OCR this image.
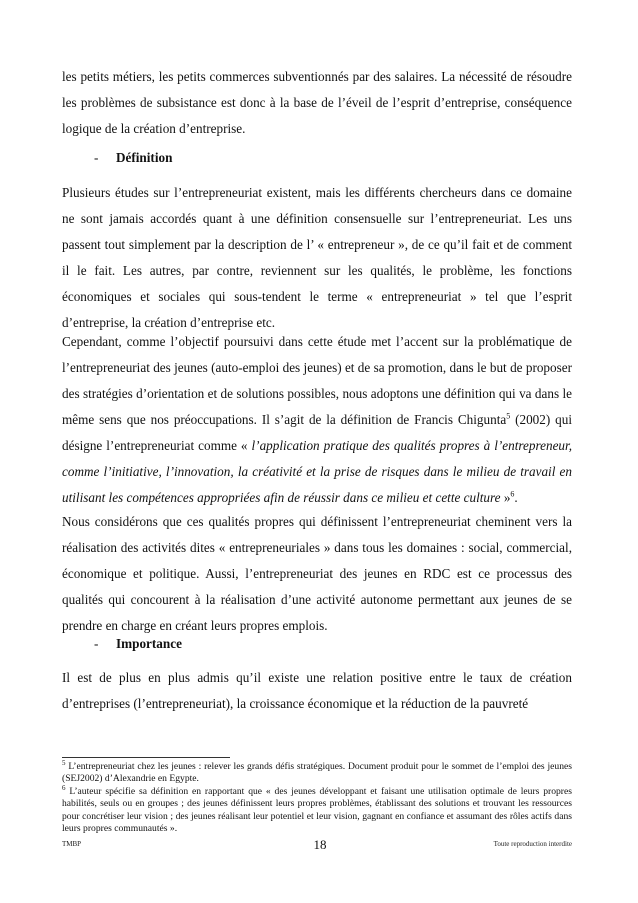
les petits métiers, les petits commerces subventionnés par des salaires. La nécessité de résoudre les problèmes de subsistance est donc à la base de l’éveil de l’esprit d’entreprise, conséquence logique de la création d’entreprise.

- Définition

Plusieurs études sur l’entrepreneuriat existent, mais les différents chercheurs dans ce domaine ne sont jamais accordés quant à une définition consensuelle sur l’entrepreneuriat. Les uns passent tout simplement par la description de l’ « entrepreneur », de ce qu’il fait et de comment il le fait. Les autres, par contre, reviennent sur les qualités, le problème, les fonctions économiques et sociales qui sous-tendent le terme « entrepreneuriat » tel que l’esprit d’entreprise, la création d’entreprise etc.

Cependant, comme l’objectif poursuivi dans cette étude met l’accent sur la problématique de l’entrepreneuriat des jeunes (auto-emploi des jeunes) et de sa promotion, dans le but de proposer des stratégies d’orientation et de solutions possibles, nous adoptons une définition qui va dans le même sens que nos préoccupations. Il s’agit de la définition de Francis Chigunta$^5$ (2002) qui désigne l’entrepreneuriat comme « l’application pratique des qualités propres à l’entrepreneur, comme l’initiative, l’innovation, la créativité et la prise de risques dans le milieu de travail en utilisant les compétences appropriées afin de réussir dans ce milieu et cette culture »$^6$.

Nous considérons que ces qualités propres qui définissent l’entrepreneuriat cheminent vers la réalisation des activités dites « entrepreneuriales » dans tous les domaines : social, commercial, économique et politique. Aussi, l’entrepreneuriat des jeunes en RDC est ce processus des qualités qui concourent à la réalisation d’une activité autonome permettant aux jeunes de se prendre en charge en créant leurs propres emplois.

- Importance

Il est de plus en plus admis qu’il existe une relation positive entre le taux de création d’entreprises (l’entrepreneuriat), la croissance économique et la réduction de la pauvreté

$^5$ L’entrepreneuriat chez les jeunes : relever les grands défis stratégiques. Document produit pour le sommet de l’emploi des jeunes (SEJ2002) d’Alexandrie en Egypte.

$^6$ L’auteur spécifie sa définition en rapportant que « des jeunes développant et faisant une utilisation optimale de leurs propres habilités, seuls ou en groupes ; des jeunes définissent leurs propres problèmes, établissant des solutions et trouvant les ressources pour concrétiser leur vision ; des jeunes réalisant leur potentiel et leur vision, gagnant en confiance et assumant des rôles actifs dans leurs propres communautés ».

TMBP	18	Toute reproduction interdite
